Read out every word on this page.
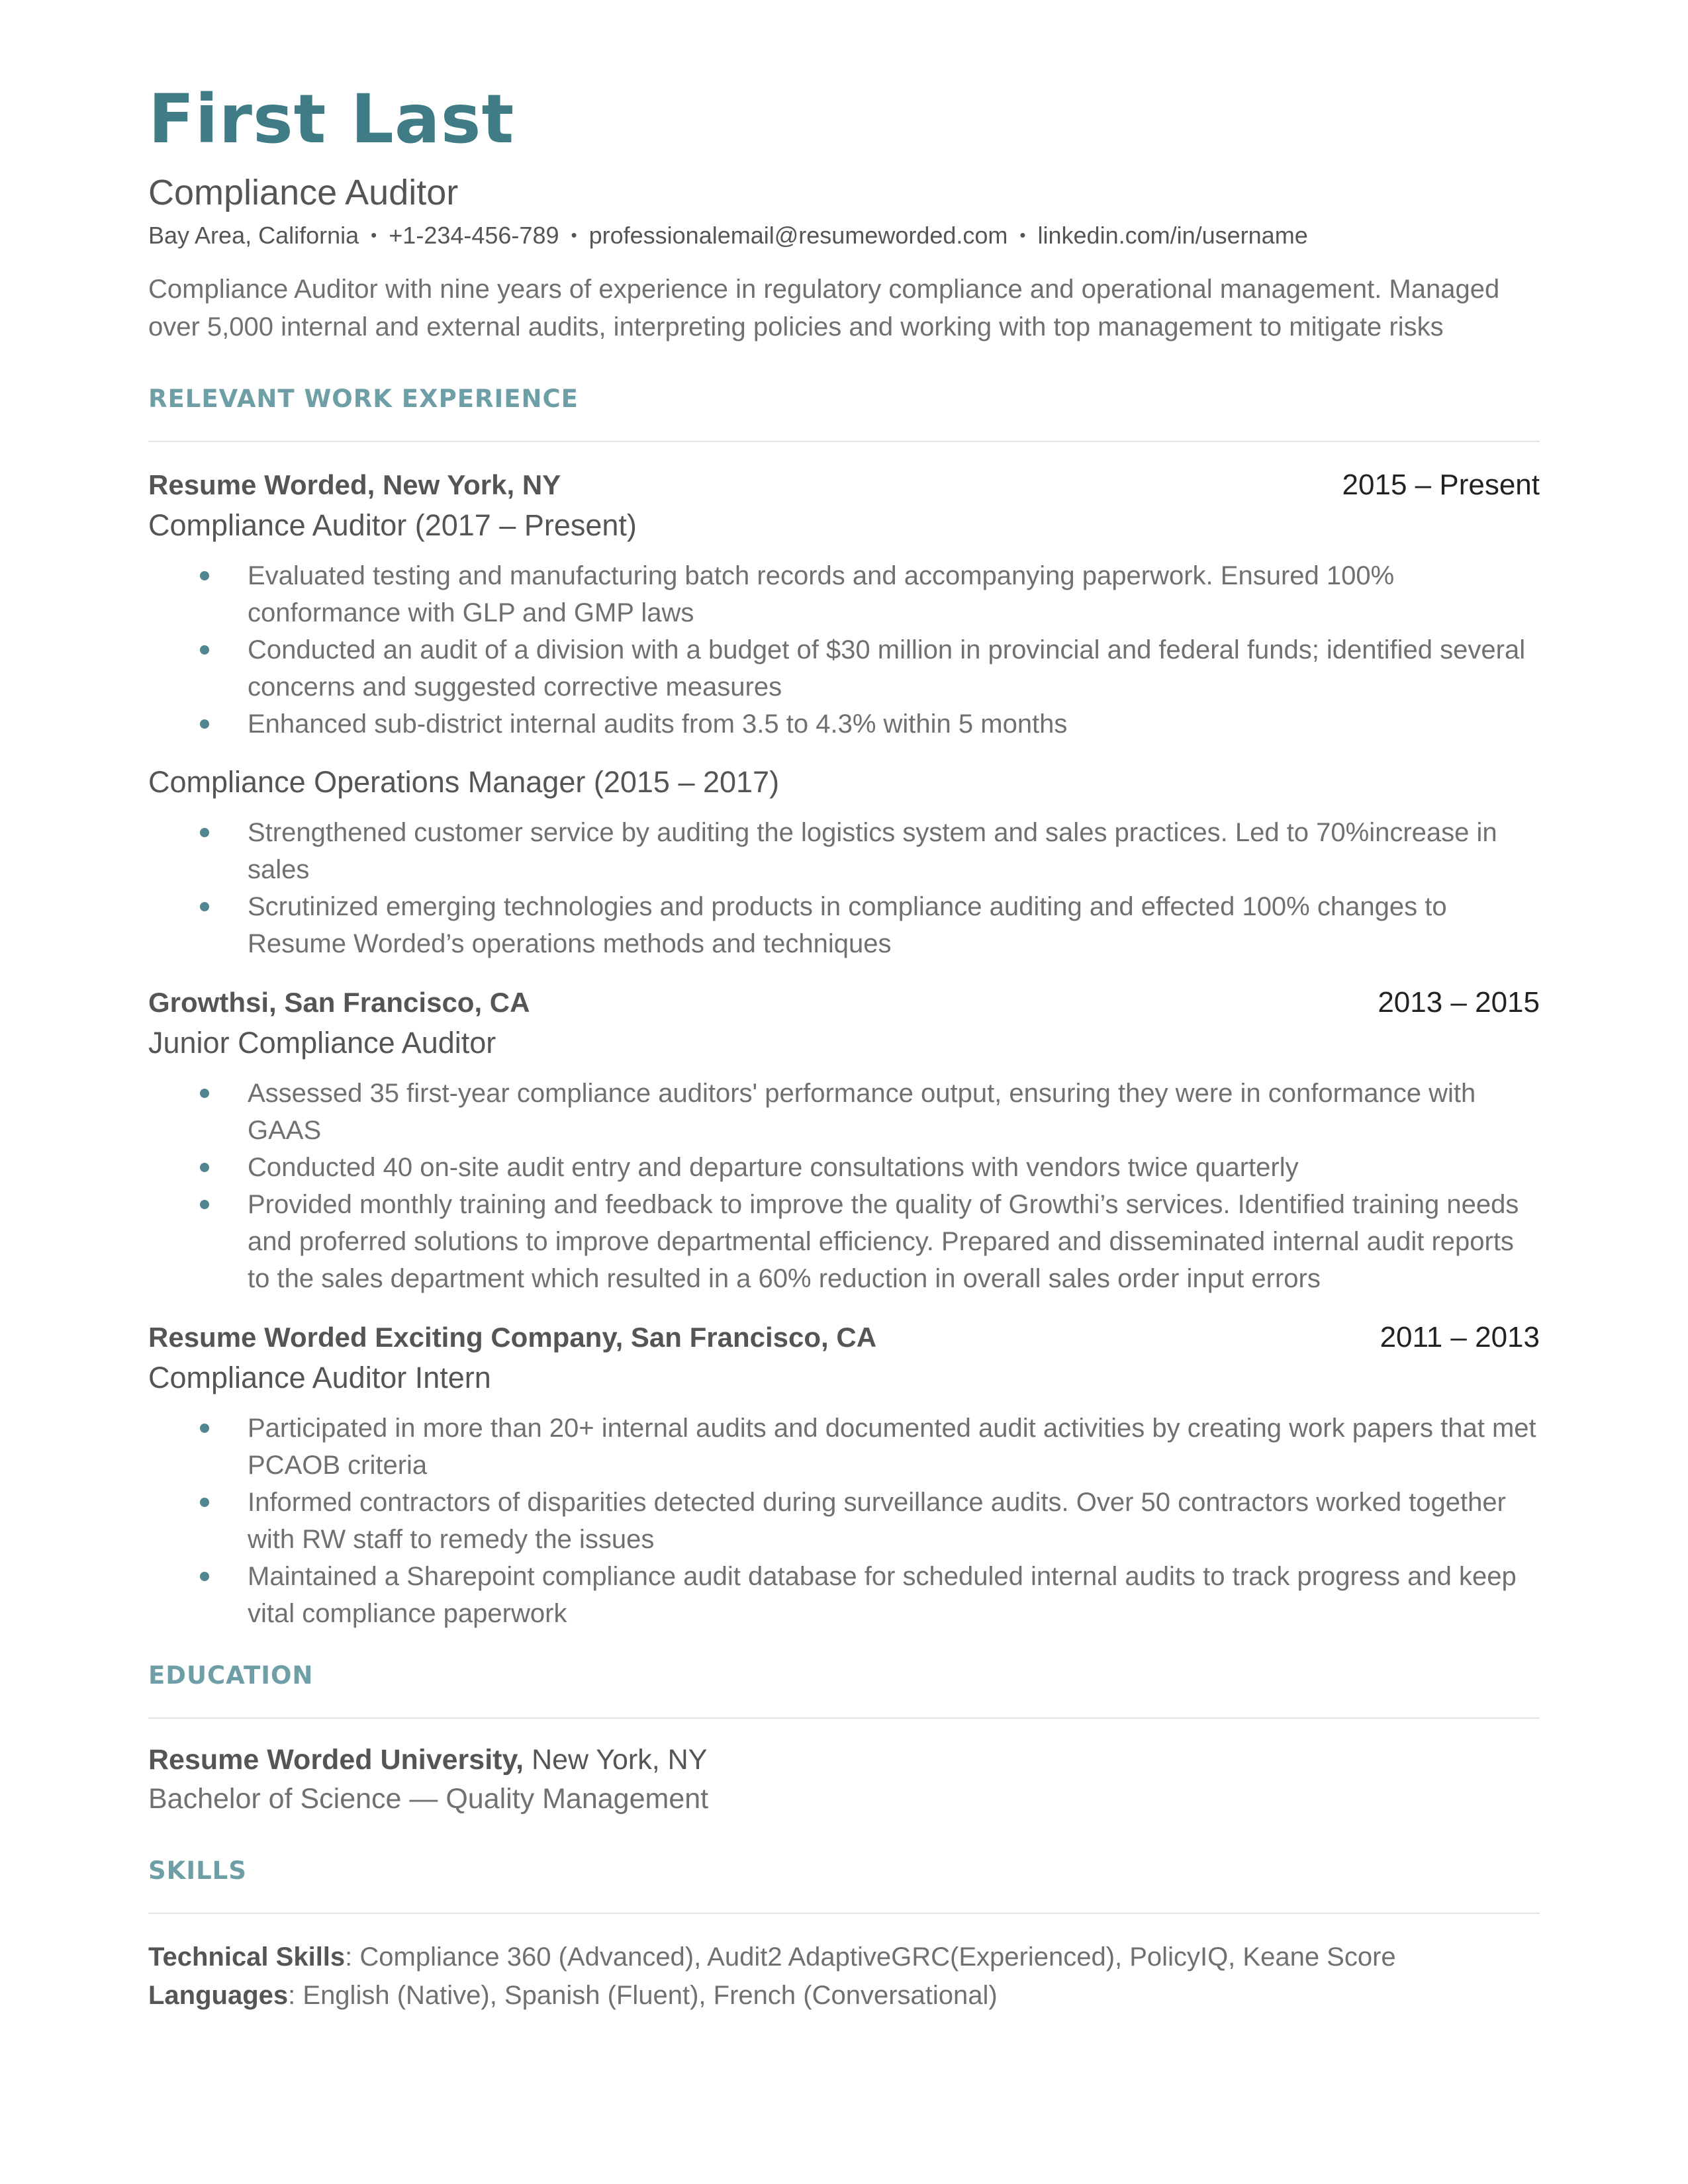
First Last
Compliance Auditor
Bay Area, California • +1-234-456-789 • professionalemail@resumeworded.com • linkedin.com/in/username
Compliance Auditor with nine years of experience in regulatory compliance and operational management. Managed over 5,000 internal and external audits, interpreting policies and working with top management to mitigate risks
RELEVANT WORK EXPERIENCE
Resume Worded, New York, NY	2015 – Present
Compliance Auditor (2017 – Present)
Evaluated testing and manufacturing batch records and accompanying paperwork. Ensured 100% conformance with GLP and GMP laws
Conducted an audit of a division with a budget of $30 million in provincial and federal funds; identified several concerns and suggested corrective measures
Enhanced sub-district internal audits from 3.5 to 4.3% within 5 months
Compliance Operations Manager (2015 – 2017)
Strengthened customer service by auditing the logistics system and sales practices. Led to 70%increase in sales
Scrutinized emerging technologies and products in compliance auditing and effected 100% changes to Resume Worded’s operations methods and techniques
Growthsi, San Francisco, CA	2013 – 2015
Junior Compliance Auditor
Assessed 35 first-year compliance auditors' performance output, ensuring they were in conformance with GAAS
Conducted 40 on-site audit entry and departure consultations with vendors twice quarterly
Provided monthly training and feedback to improve the quality of Growthi’s services. Identified training needs and proferred solutions to improve departmental efficiency. Prepared and disseminated internal audit reports to the sales department which resulted in a 60% reduction in overall sales order input errors
Resume Worded Exciting Company, San Francisco, CA	2011 – 2013
Compliance Auditor Intern
Participated in more than 20+ internal audits and documented audit activities by creating work papers that met PCAOB criteria
Informed contractors of disparities detected during surveillance audits. Over 50 contractors worked together with RW staff to remedy the issues
Maintained a Sharepoint compliance audit database for scheduled internal audits to track progress and keep vital compliance paperwork
EDUCATION
Resume Worded University, New York, NY
Bachelor of Science — Quality Management
SKILLS
Technical Skills: Compliance 360 (Advanced), Audit2 AdaptiveGRC(Experienced), PolicyIQ, Keane Score
Languages: English (Native), Spanish (Fluent), French (Conversational)
